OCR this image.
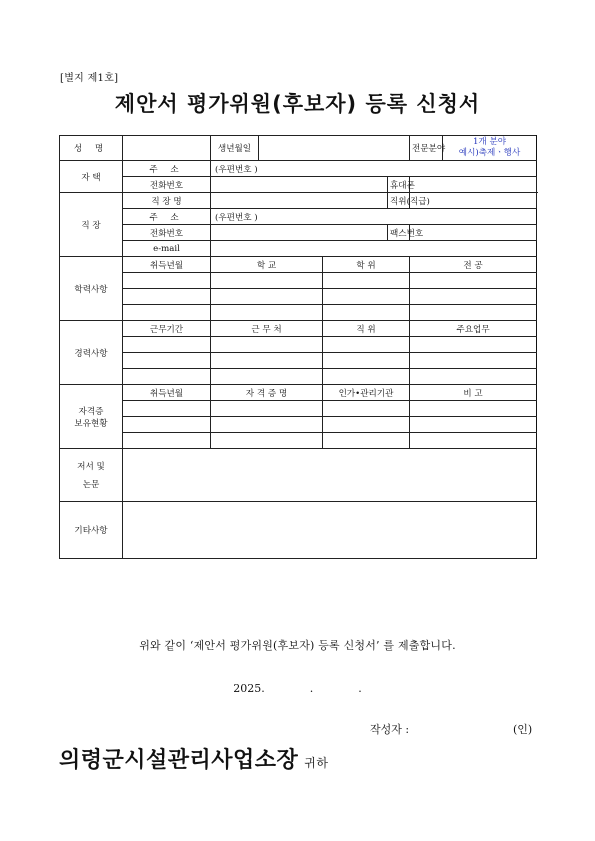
[별지 제1호]
제안서 평가위원(후보자) 등록 신청서
성 명		생년월일				전문분야	1개 분야
예시)축제ㆍ행사

자 택	주 소	(우편번호 )					
	전화번호				휴대폰		
직 장	직 장 명				직위(직급)		
	주 소	(우편번호 )					
	전화번호				팩스번호		
	e-mail						
학력사항	취득년월	학 교		학 위		전 공	

경력사항	근무기간	근 무 처		직 위		주요업무	

자격증
보유현황	취득년월	자 격 증 명		인가•관리기관		비 고	

저서 및
논문							

기타사항							
위와 같이 ‘제안서 평가위원(후보자) 등록 신청서’ 를 제출합니다.
2025.	.	.
작성자 :	(인)
의령군시설관리사업소장 귀하
